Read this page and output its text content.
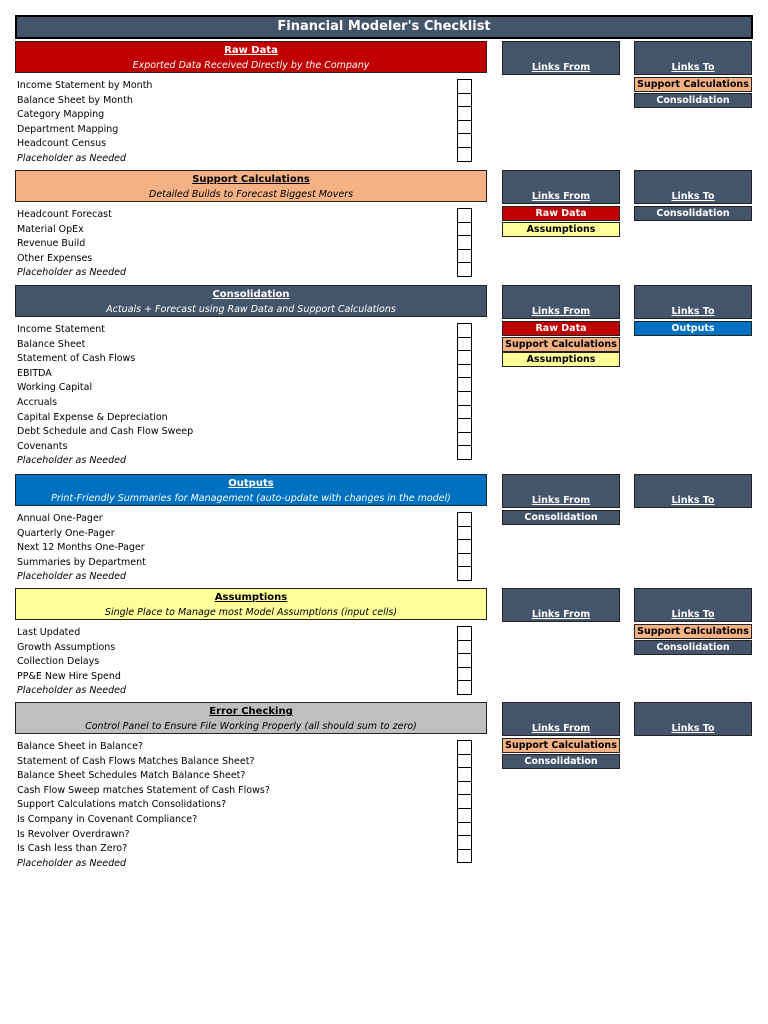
Financial Modeler's Checklist
Raw Data
Exported Data Received Directly by the Company	Links From	Links To
Income Statement by Month
Balance Sheet by Month
Category Mapping
Department Mapping
Headcount Census
Placeholder as Needed
Support Calculations
Consolidation
Support Calculations
Detailed Builds to Forecast Biggest Movers	Links From	Links To
Headcount Forecast
Material OpEx
Revenue Build
Other Expenses
Placeholder as Needed
Raw Data
Assumptions
Consolidation
Consolidation
Actuals + Forecast using Raw Data and Support Calculations	Links From	Links To
Income Statement
Balance Sheet
Statement of Cash Flows
EBITDA
Working Capital
Accruals
Capital Expense & Depreciation
Debt Schedule and Cash Flow Sweep
Covenants
Placeholder as Needed
Raw Data
Support Calculations
Assumptions
Outputs
Outputs
Print-Friendly Summaries for Management (auto-update with changes in the model)	Links From	Links To
Annual One-Pager
Quarterly One-Pager
Next 12 Months One-Pager
Summaries by Department
Placeholder as Needed
Consolidation
Assumptions
Single Place to Manage most Model Assumptions (input cells)	Links From	Links To
Last Updated
Growth Assumptions
Collection Delays
PP&E New Hire Spend
Placeholder as Needed
Support Calculations
Consolidation
Error Checking
Control Panel to Ensure File Working Properly (all should sum to zero)	Links From	Links To
Balance Sheet in Balance?
Statement of Cash Flows Matches Balance Sheet?
Balance Sheet Schedules Match Balance Sheet?
Cash Flow Sweep matches Statement of Cash Flows?
Support Calculations match Consolidations?
Is Company in Covenant Compliance?
Is Revolver Overdrawn?
Is Cash less than Zero?
Placeholder as Needed
Support Calculations
Consolidation
